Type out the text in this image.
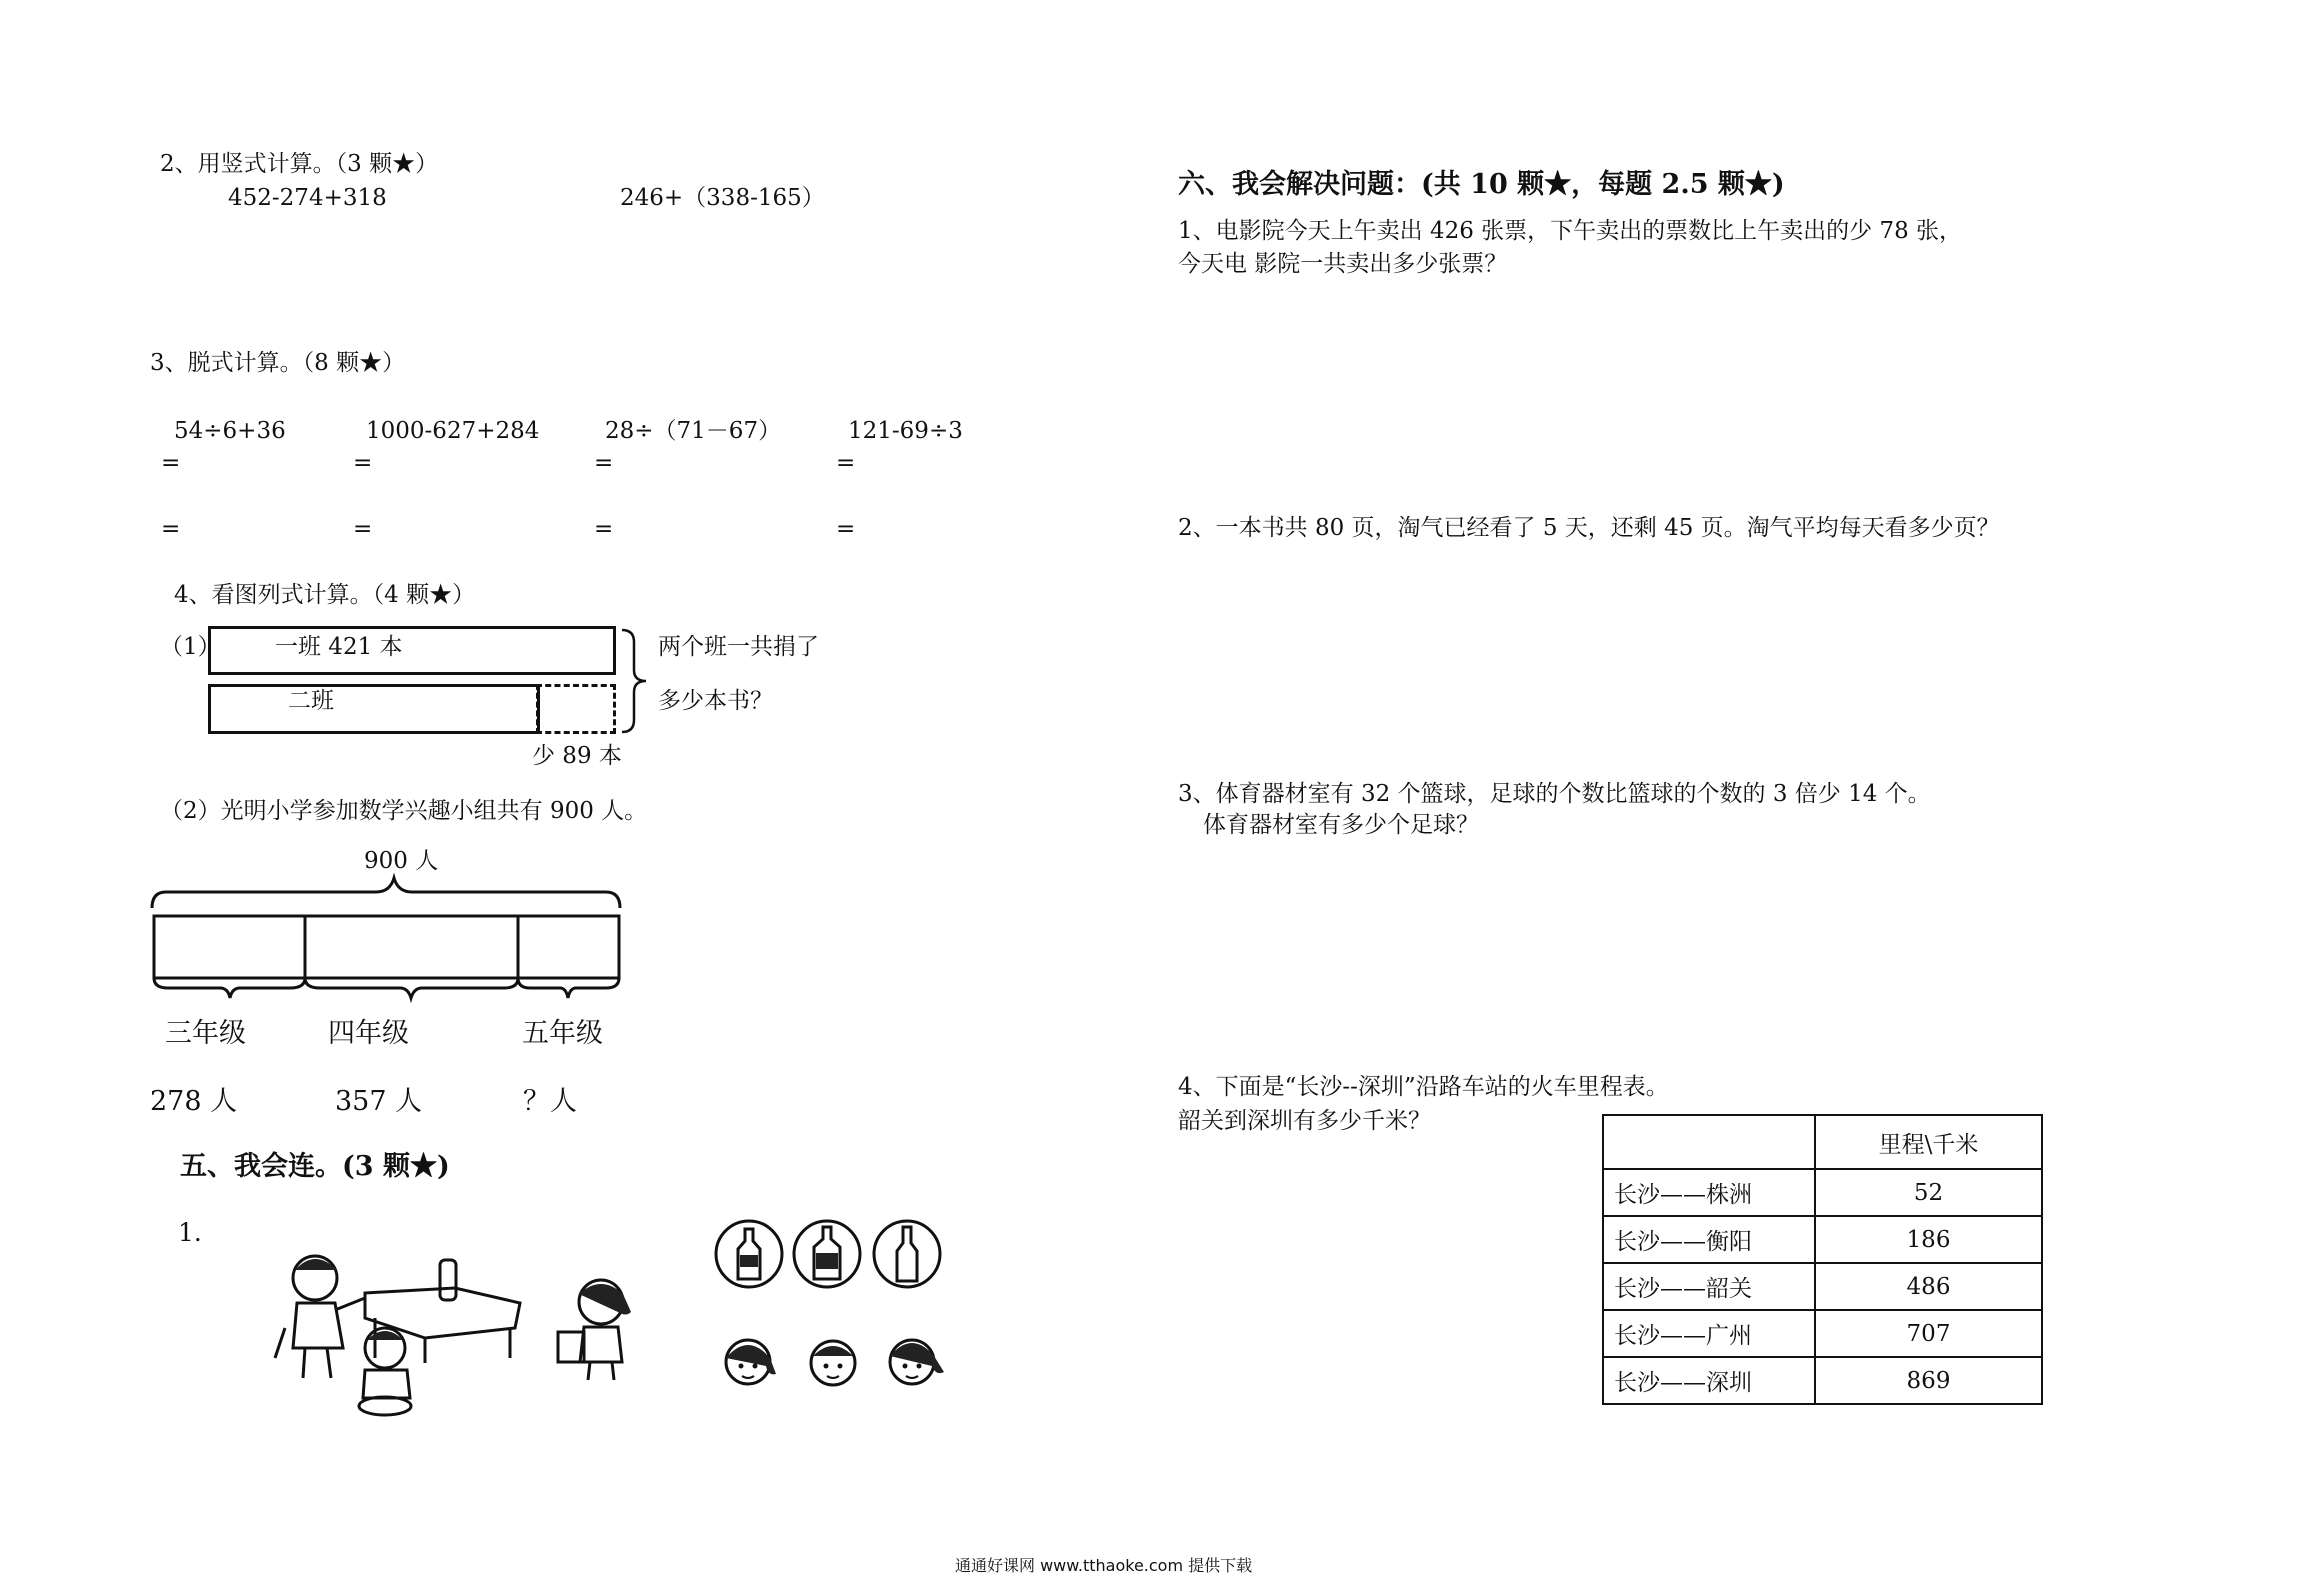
2、用竖式计算。（3 颗★）
452-274+318	246+（338-165）
3、脱式计算。（8 颗★）
54÷6+36	1000-627+284	28÷（71－67）	121-69÷3
=	=	=	=
=	=	=	=
4、看图列式计算。（4 颗★）
（1） 一班 421 本
二班
两个班一共捐了
多少本书？
少 89 本
（2）光明小学参加数学兴趣小组共有 900 人。
900 人
三年级	四年级	五年级
278 人	357 人	？人
五、我会连。(3 颗★)
1.
六、我会解决问题：(共 10 颗★，每题 2.5 颗★)
1、电影院今天上午卖出 426 张票，下午卖出的票数比上午卖出的少 78 张，
今天电 影院一共卖出多少张票？
2、一本书共 80 页，淘气已经看了 5 天，还剩 45 页。淘气平均每天看多少页？
3、体育器材室有 32 个篮球，足球的个数比篮球的个数的 3 倍少 14 个。
体育器材室有多少个足球？
4、下面是“长沙--深圳”沿路车站的火车里程表。
韶关到深圳有多少千米？
	里程\千米
长沙——株洲	52
长沙——衡阳	186
长沙——韶关	486
长沙——广州	707
长沙——深圳	869
通通好课网 www.tthaoke.com 提供下载
